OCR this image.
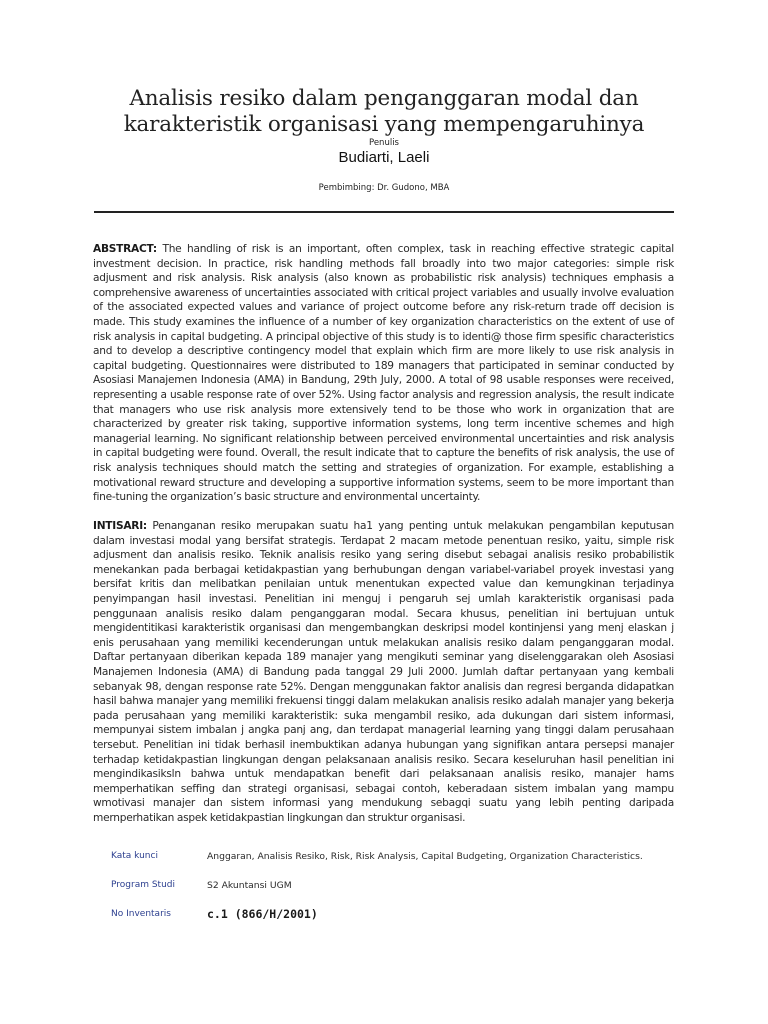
Analisis resiko dalam penganggaran modal dan karakteristik organisasi yang mempengaruhinya
Penulis
Budiarti, Laeli
Pembimbing: Dr. Gudono, MBA
ABSTRACT: The handling of risk is an important, often complex, task in reaching effective strategic capital investment decision. In practice, risk handling methods fall broadly into two major categories: simple risk adjusment and risk analysis. Risk analysis (also known as probabilistic risk analysis) techniques emphasis a comprehensive awareness of uncertainties associated with critical project variables and usually involve evaluation of the associated expected values and variance of project outcome before any risk-return trade off decision is made. This study examines the influence of a number of key organization characteristics on the extent of use of risk analysis in capital budgeting. A principal objective of this study is to identi@ those firm spesific characteristics and to develop a descriptive contingency model that explain which firm are more likely to use risk analysis in capital budgeting. Questionnaires were distributed to 189 managers that participated in seminar conducted by Asosiasi Manajemen Indonesia (AMA) in Bandung, 29th July, 2000. A total of 98 usable responses were received, representing a usable response rate of over 52%. Using factor analysis and regression analysis, the result indicate that managers who use risk analysis more extensively tend to be those who work in organization that are characterized by greater risk taking, supportive information systems, long term incentive schemes and high managerial learning. No significant relationship between perceived environmental uncertainties and risk analysis in capital budgeting were found. Overall, the result indicate that to capture the benefits of risk analysis, the use of risk analysis techniques should match the setting and strategies of organization. For example, establishing a motivational reward structure and developing a supportive information systems, seem to be more important than fine-tuning the organization’s basic structure and environmental uncertainty.
INTISARI: Penanganan resiko merupakan suatu ha1 yang penting untuk melakukan pengambilan keputusan dalam investasi modal yang bersifat strategis. Terdapat 2 macam metode penentuan resiko, yaitu, simple risk adjusment dan analisis resiko. Teknik analisis resiko yang sering disebut sebagai analisis resiko probabilistik menekankan pada berbagai ketidakpastian yang berhubungan dengan variabel-variabel proyek investasi yang bersifat kritis dan melibatkan penilaian untuk menentukan expected value dan kemungkinan terjadinya penyimpangan hasil investasi. Penelitian ini menguj i pengaruh sej umlah karakteristik organisasi pada penggunaan analisis resiko dalam penganggaran modal. Secara khusus, penelitian ini bertujuan untuk mengidentitikasi karakteristik organisasi dan mengembangkan deskripsi model kontinjensi yang menj elaskan j enis perusahaan yang memiliki kecenderungan untuk melakukan analisis resiko dalam penganggaran modal. Daftar pertanyaan diberikan kepada 189 manajer yang mengikuti seminar yang diselenggarakan oleh Asosiasi Manajemen Indonesia (AMA) di Bandung pada tanggal 29 Juli 2000. Jumlah daftar pertanyaan yang kembali sebanyak 98, dengan response rate 52%. Dengan menggunakan faktor analisis dan regresi berganda didapatkan hasil bahwa manajer yang memiliki frekuensi tinggi dalam melakukan analisis resiko adalah manajer yang bekerja pada perusahaan yang memiliki karakteristik: suka mengambil resiko, ada dukungan dari sistem informasi, mempunyai sistem imbalan j angka panj ang, dan terdapat managerial learning yang tinggi dalam perusahaan tersebut. Penelitian ini tidak berhasil inembuktikan adanya hubungan yang signifikan antara persepsi manajer terhadap ketidakpastian lingkungan dengan pelaksanaan analisis resiko. Secara keseluruhan hasil penelitian ini mengindikasiksln bahwa untuk mendapatkan benefit dari pelaksanaan analisis resiko, manajer hams memperhatikan seffing dan strategi organisasi, sebagai contoh, keberadaan sistem imbalan yang mampu wmotivasi manajer dan sistem informasi yang mendukung sebagqi suatu yang lebih penting daripada mernperhatikan aspek ketidakpastian lingkungan dan struktur organisasi.
Kata kunci	Anggaran, Analisis Resiko, Risk, Risk Analysis, Capital Budgeting, Organization Characteristics.
Program Studi	S2 Akuntansi UGM
No Inventaris	c.1 (866/H/2001)
